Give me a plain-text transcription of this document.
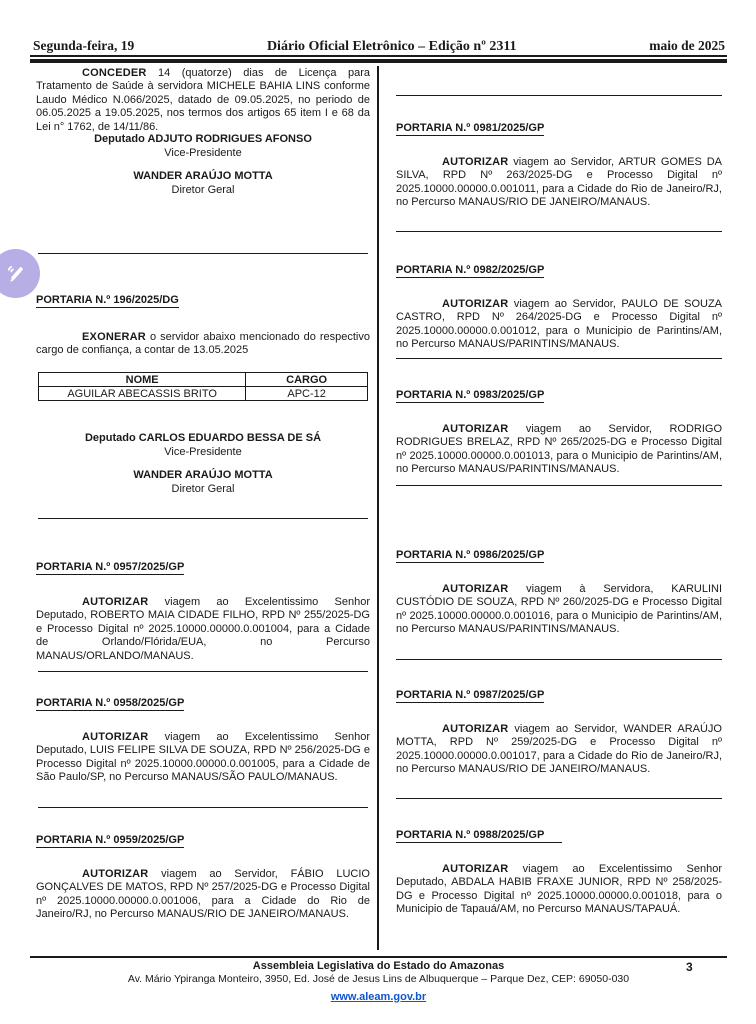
Segunda-feira, 19	Diário Oficial Eletrônico – Edição nº 2311	maio de 2025

CONCEDER 14 (quatorze) dias de Licença para Tratamento de Saúde à servidora MICHELE BAHIA LINS conforme Laudo Médico N.066/2025, datado de 09.05.2025, no periodo de 06.05.2025 a 19.05.2025, nos termos dos artigos 65 item I e 68 da Lei n° 1762, de 14/11/86.

Deputado ADJUTO RODRIGUES AFONSO
Vice-Presidente
WANDER ARAÚJO MOTTA
Diretor Geral
PORTARIA N.º 196/2025/DG

EXONERAR o servidor abaixo mencionado do respectivo cargo de confiança, a contar de 13.05.2025

NOME	CARGO
AGUILAR ABECASSIS BRITO	APC-12
Deputado CARLOS EDUARDO BESSA DE SÁ
Vice-Presidente
WANDER ARAÚJO MOTTA
Diretor Geral
PORTARIA N.º 0957/2025/GP

AUTORIZAR viagem ao Excelentissimo Senhor Deputado, ROBERTO MAIA CIDADE FILHO, RPD Nº 255/2025-DG e Processo Digital nº 2025.10000.00000.0.001004, para a Cidade de Orlando/Flórida/EUA, no Percurso MANAUS/ORLANDO/MANAUS.

PORTARIA N.º 0958/2025/GP

AUTORIZAR viagem ao Excelentissimo Senhor Deputado, LUIS FELIPE SILVA DE SOUZA, RPD Nº 256/2025-DG e Processo Digital nº 2025.10000.00000.0.001005, para a Cidade de São Paulo/SP, no Percurso MANAUS/SÃO PAULO/MANAUS.

PORTARIA N.º 0959/2025/GP

AUTORIZAR viagem ao Servidor, FÁBIO LUCIO GONÇALVES DE MATOS, RPD Nº 257/2025-DG e Processo Digital nº 2025.10000.00000.0.001006, para a Cidade do Rio de Janeiro/RJ, no Percurso MANAUS/RIO DE JANEIRO/MANAUS.

PORTARIA N.º 0981/2025/GP

AUTORIZAR viagem ao Servidor, ARTUR GOMES DA SILVA, RPD Nº 263/2025-DG e Processo Digital nº 2025.10000.00000.0.001011, para a Cidade do Rio de Janeiro/RJ, no Percurso MANAUS/RIO DE JANEIRO/MANAUS.

PORTARIA N.º 0982/2025/GP

AUTORIZAR viagem ao Servidor, PAULO DE SOUZA CASTRO, RPD Nº 264/2025-DG e Processo Digital nº 2025.10000.00000.0.001012, para o Municipio de Parintins/AM, no Percurso MANAUS/PARINTINS/MANAUS.

PORTARIA N.º 0983/2025/GP

AUTORIZAR viagem ao Servidor, RODRIGO RODRIGUES BRELAZ, RPD Nº 265/2025-DG e Processo Digital nº 2025.10000.00000.0.001013, para o Municipio de Parintins/AM, no Percurso MANAUS/PARINTINS/MANAUS.

PORTARIA N.º 0986/2025/GP

AUTORIZAR viagem à Servidora, KARULINI CUSTÓDIO DE SOUZA, RPD Nº 260/2025-DG e Processo Digital nº 2025.10000.00000.0.001016, para o Municipio de Parintins/AM, no Percurso MANAUS/PARINTINS/MANAUS.

PORTARIA N.º 0987/2025/GP

AUTORIZAR viagem ao Servidor, WANDER ARAÚJO MOTTA, RPD Nº 259/2025-DG e Processo Digital nº 2025.10000.00000.0.001017, para a Cidade do Rio de Janeiro/RJ, no Percurso MANAUS/RIO DE JANEIRO/MANAUS.

PORTARIA N.º 0988/2025/GP

AUTORIZAR viagem ao Excelentissimo Senhor Deputado, ABDALA HABIB FRAXE JUNIOR, RPD Nº 258/2025-DG e Processo Digital nº 2025.10000.00000.0.001018, para o Municipio de Tapauá/AM, no Percurso MANAUS/TAPAUÁ.

Assembleia Legislativa do Estado do Amazonas
Av. Mário Ypiranga Monteiro, 3950, Ed. José de Jesus Lins de Albuquerque – Parque Dez, CEP: 69050-030
www.aleam.gov.br
3
